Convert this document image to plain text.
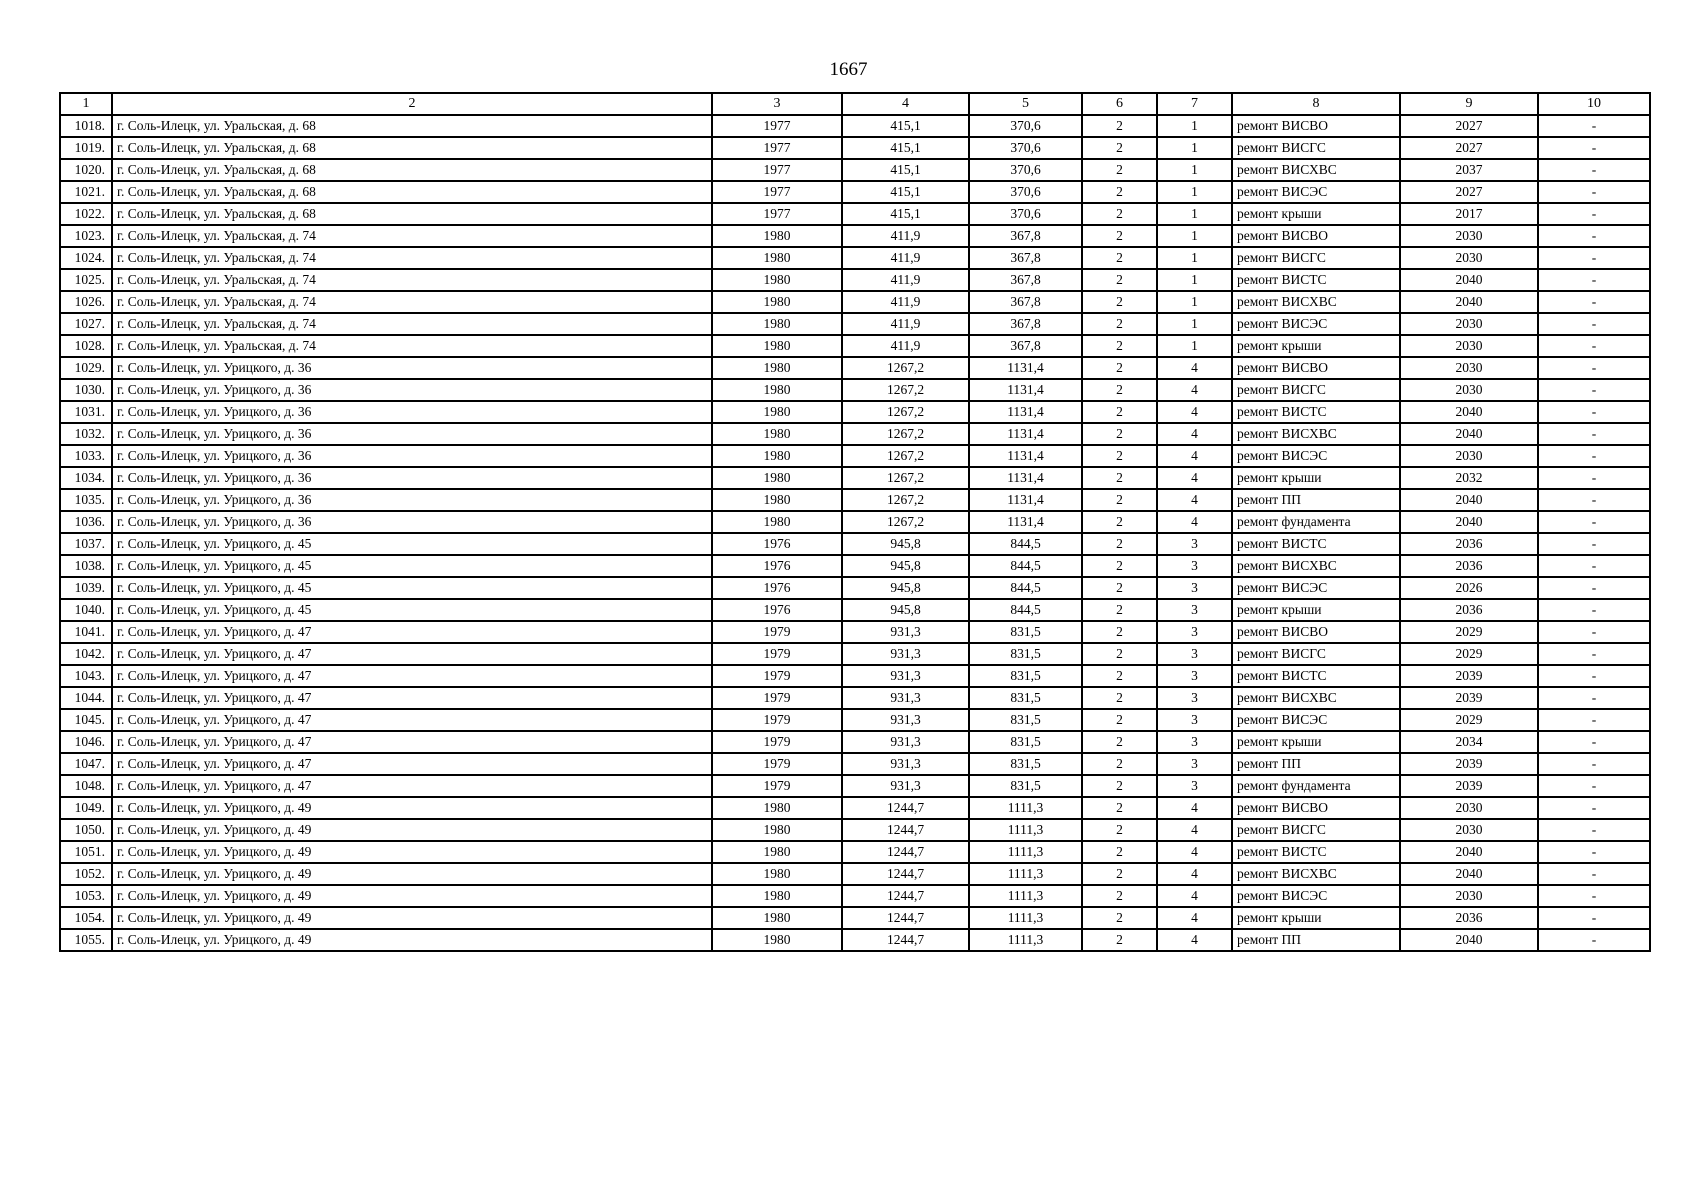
1667
1	2	3	4	5	6	7	8	9	10
1018.	г. Соль-Илецк, ул. Уральская, д. 68	1977	415,1	370,6	2	1	ремонт ВИСВО	2027	-
1019.	г. Соль-Илецк, ул. Уральская, д. 68	1977	415,1	370,6	2	1	ремонт ВИСГС	2027	-
1020.	г. Соль-Илецк, ул. Уральская, д. 68	1977	415,1	370,6	2	1	ремонт ВИСХВС	2037	-
1021.	г. Соль-Илецк, ул. Уральская, д. 68	1977	415,1	370,6	2	1	ремонт ВИСЭС	2027	-
1022.	г. Соль-Илецк, ул. Уральская, д. 68	1977	415,1	370,6	2	1	ремонт крыши	2017	-
1023.	г. Соль-Илецк, ул. Уральская, д. 74	1980	411,9	367,8	2	1	ремонт ВИСВО	2030	-
1024.	г. Соль-Илецк, ул. Уральская, д. 74	1980	411,9	367,8	2	1	ремонт ВИСГС	2030	-
1025.	г. Соль-Илецк, ул. Уральская, д. 74	1980	411,9	367,8	2	1	ремонт ВИСТС	2040	-
1026.	г. Соль-Илецк, ул. Уральская, д. 74	1980	411,9	367,8	2	1	ремонт ВИСХВС	2040	-
1027.	г. Соль-Илецк, ул. Уральская, д. 74	1980	411,9	367,8	2	1	ремонт ВИСЭС	2030	-
1028.	г. Соль-Илецк, ул. Уральская, д. 74	1980	411,9	367,8	2	1	ремонт крыши	2030	-
1029.	г. Соль-Илецк, ул. Урицкого, д. 36	1980	1267,2	1131,4	2	4	ремонт ВИСВО	2030	-
1030.	г. Соль-Илецк, ул. Урицкого, д. 36	1980	1267,2	1131,4	2	4	ремонт ВИСГС	2030	-
1031.	г. Соль-Илецк, ул. Урицкого, д. 36	1980	1267,2	1131,4	2	4	ремонт ВИСТС	2040	-
1032.	г. Соль-Илецк, ул. Урицкого, д. 36	1980	1267,2	1131,4	2	4	ремонт ВИСХВС	2040	-
1033.	г. Соль-Илецк, ул. Урицкого, д. 36	1980	1267,2	1131,4	2	4	ремонт ВИСЭС	2030	-
1034.	г. Соль-Илецк, ул. Урицкого, д. 36	1980	1267,2	1131,4	2	4	ремонт крыши	2032	-
1035.	г. Соль-Илецк, ул. Урицкого, д. 36	1980	1267,2	1131,4	2	4	ремонт ПП	2040	-
1036.	г. Соль-Илецк, ул. Урицкого, д. 36	1980	1267,2	1131,4	2	4	ремонт фундамента	2040	-
1037.	г. Соль-Илецк, ул. Урицкого, д. 45	1976	945,8	844,5	2	3	ремонт ВИСТС	2036	-
1038.	г. Соль-Илецк, ул. Урицкого, д. 45	1976	945,8	844,5	2	3	ремонт ВИСХВС	2036	-
1039.	г. Соль-Илецк, ул. Урицкого, д. 45	1976	945,8	844,5	2	3	ремонт ВИСЭС	2026	-
1040.	г. Соль-Илецк, ул. Урицкого, д. 45	1976	945,8	844,5	2	3	ремонт крыши	2036	-
1041.	г. Соль-Илецк, ул. Урицкого, д. 47	1979	931,3	831,5	2	3	ремонт ВИСВО	2029	-
1042.	г. Соль-Илецк, ул. Урицкого, д. 47	1979	931,3	831,5	2	3	ремонт ВИСГС	2029	-
1043.	г. Соль-Илецк, ул. Урицкого, д. 47	1979	931,3	831,5	2	3	ремонт ВИСТС	2039	-
1044.	г. Соль-Илецк, ул. Урицкого, д. 47	1979	931,3	831,5	2	3	ремонт ВИСХВС	2039	-
1045.	г. Соль-Илецк, ул. Урицкого, д. 47	1979	931,3	831,5	2	3	ремонт ВИСЭС	2029	-
1046.	г. Соль-Илецк, ул. Урицкого, д. 47	1979	931,3	831,5	2	3	ремонт крыши	2034	-
1047.	г. Соль-Илецк, ул. Урицкого, д. 47	1979	931,3	831,5	2	3	ремонт ПП	2039	-
1048.	г. Соль-Илецк, ул. Урицкого, д. 47	1979	931,3	831,5	2	3	ремонт фундамента	2039	-
1049.	г. Соль-Илецк, ул. Урицкого, д. 49	1980	1244,7	1111,3	2	4	ремонт ВИСВО	2030	-
1050.	г. Соль-Илецк, ул. Урицкого, д. 49	1980	1244,7	1111,3	2	4	ремонт ВИСГС	2030	-
1051.	г. Соль-Илецк, ул. Урицкого, д. 49	1980	1244,7	1111,3	2	4	ремонт ВИСТС	2040	-
1052.	г. Соль-Илецк, ул. Урицкого, д. 49	1980	1244,7	1111,3	2	4	ремонт ВИСХВС	2040	-
1053.	г. Соль-Илецк, ул. Урицкого, д. 49	1980	1244,7	1111,3	2	4	ремонт ВИСЭС	2030	-
1054.	г. Соль-Илецк, ул. Урицкого, д. 49	1980	1244,7	1111,3	2	4	ремонт крыши	2036	-
1055.	г. Соль-Илецк, ул. Урицкого, д. 49	1980	1244,7	1111,3	2	4	ремонт ПП	2040	-
